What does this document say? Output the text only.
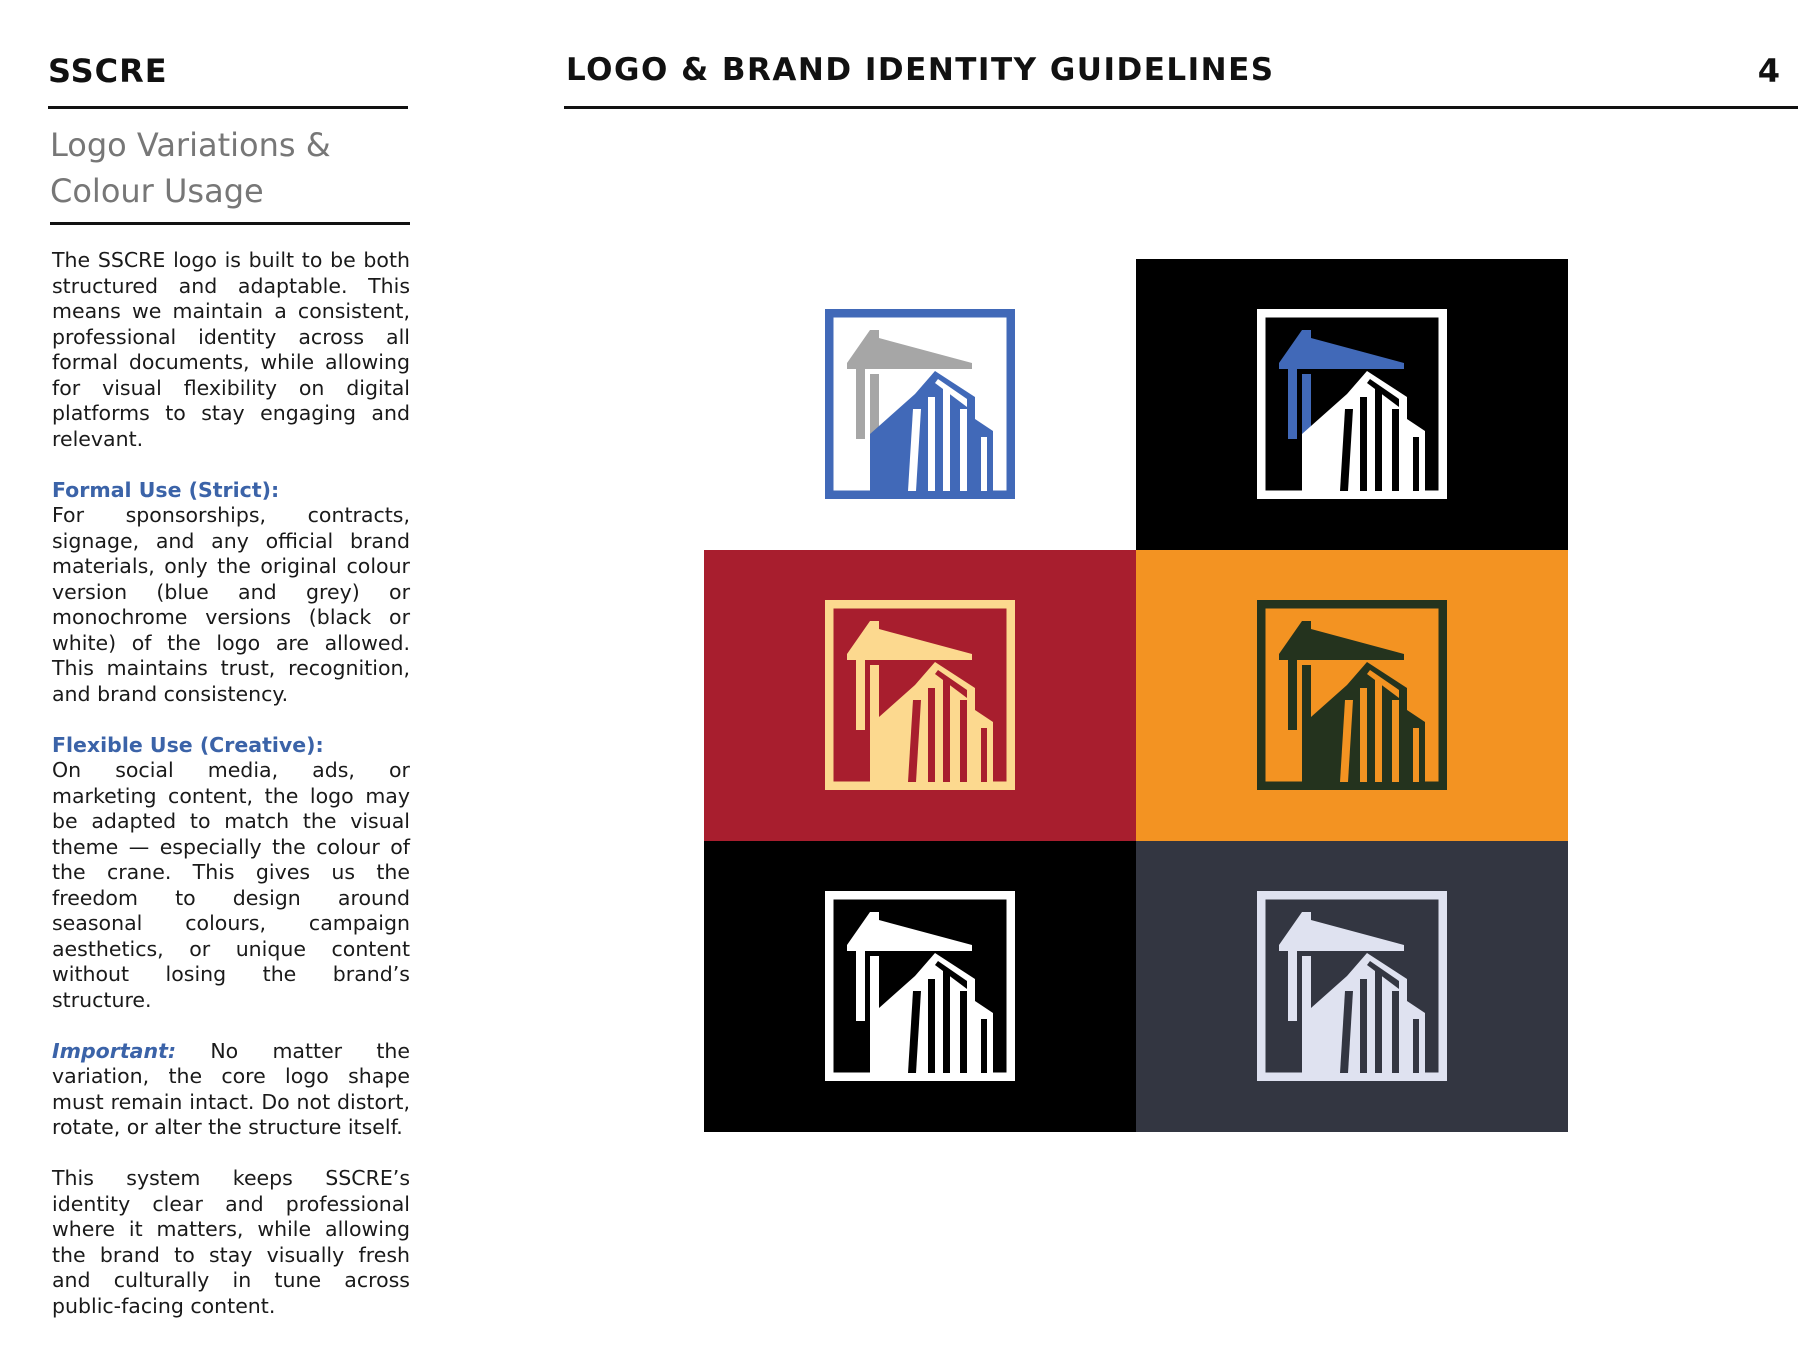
SSCRE	LOGO & BRAND IDENTITY GUIDELINES	4
Logo Variations &
Colour Usage

The SSCRE logo is built to be both structured and adaptable. This means we maintain a consistent, professional identity across all formal documents, while allowing for visual flexibility on digital platforms to stay engaging and relevant.

Formal Use (Strict):
For sponsorships, contracts, signage, and any official brand materials, only the original colour version (blue and grey) or monochrome versions (black or white) of the logo are allowed. This maintains trust, recognition, and brand consistency.

Flexible Use (Creative):
On social media, ads, or marketing content, the logo may be adapted to match the visual theme — especially the colour of the crane. This gives us the freedom to design around seasonal colours, campaign aesthetics, or unique content without losing the brand’s structure.

Important: No matter the variation, the core logo shape must remain intact. Do not distort, rotate, or alter the structure itself.

This system keeps SSCRE’s identity clear and professional where it matters, while allowing the brand to stay visually fresh and culturally in tune across public-facing content.
